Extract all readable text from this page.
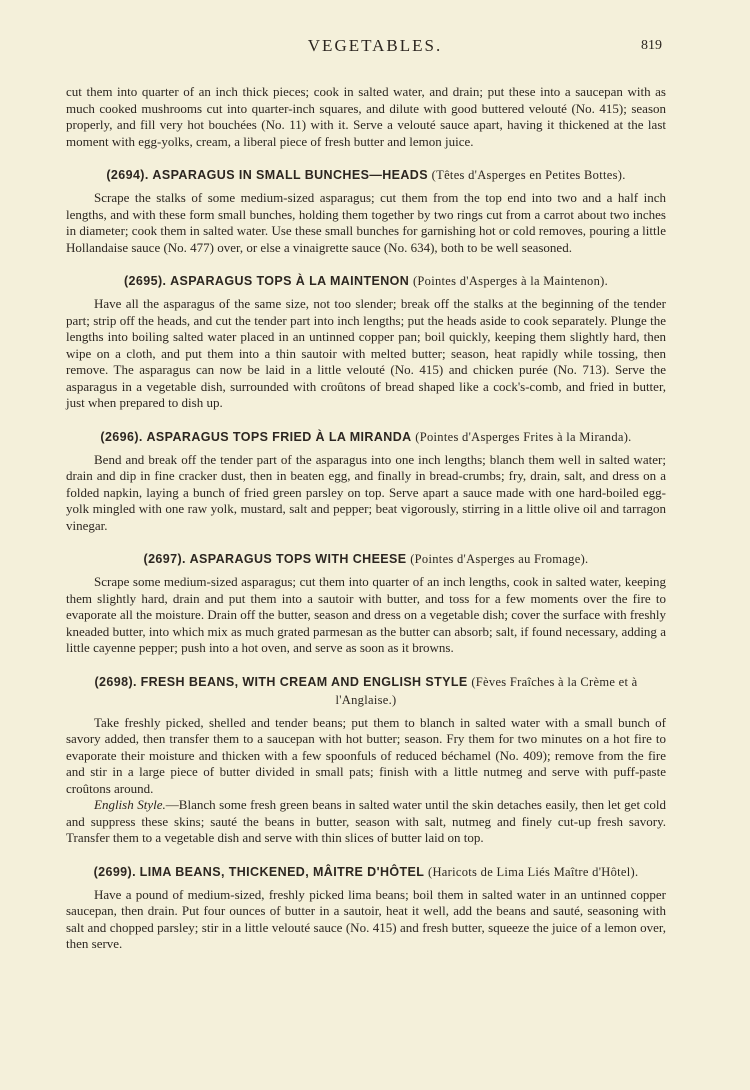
VEGETABLES.	819

cut them into quarter of an inch thick pieces; cook in salted water, and drain; put these into a saucepan with as much cooked mushrooms cut into quarter-inch squares, and dilute with good buttered velouté (No. 415); season properly, and fill very hot bouchées (No. 11) with it. Serve a velouté sauce apart, having it thickened at the last moment with egg-yolks, cream, a liberal piece of fresh butter and lemon juice.

(2694). ASPARAGUS IN SMALL BUNCHES—HEADS (Têtes d'Asperges en Petites Bottes).

Scrape the stalks of some medium-sized asparagus; cut them from the top end into two and a half inch lengths, and with these form small bunches, holding them together by two rings cut from a carrot about two inches in diameter; cook them in salted water. Use these small bunches for garnishing hot or cold removes, pouring a little Hollandaise sauce (No. 477) over, or else a vinaigrette sauce (No. 634), both to be well seasoned.

(2695). ASPARAGUS TOPS À LA MAINTENON (Pointes d'Asperges à la Maintenon).

Have all the asparagus of the same size, not too slender; break off the stalks at the beginning of the tender part; strip off the heads, and cut the tender part into inch lengths; put the heads aside to cook separately. Plunge the lengths into boiling salted water placed in an untinned copper pan; boil quickly, keeping them slightly hard, then wipe on a cloth, and put them into a thin sautoir with melted butter; season, heat rapidly while tossing, then remove. The asparagus can now be laid in a little velouté (No. 415) and chicken purée (No. 713). Serve the asparagus in a vegetable dish, surrounded with croûtons of bread shaped like a cock's-comb, and fried in butter, just when prepared to dish up.

(2696). ASPARAGUS TOPS FRIED À LA MIRANDA (Pointes d'Asperges Frites à la Miranda).

Bend and break off the tender part of the asparagus into one inch lengths; blanch them well in salted water; drain and dip in fine cracker dust, then in beaten egg, and finally in bread-crumbs; fry, drain, salt, and dress on a folded napkin, laying a bunch of fried green parsley on top. Serve apart a sauce made with one hard-boiled egg-yolk mingled with one raw yolk, mustard, salt and pepper; beat vigorously, stirring in a little olive oil and tarragon vinegar.

(2697). ASPARAGUS TOPS WITH CHEESE (Pointes d'Asperges au Fromage).

Scrape some medium-sized asparagus; cut them into quarter of an inch lengths, cook in salted water, keeping them slightly hard, drain and put them into a sautoir with butter, and toss for a few moments over the fire to evaporate all the moisture. Drain off the butter, season and dress on a vegetable dish; cover the surface with freshly kneaded butter, into which mix as much grated parmesan as the butter can absorb; salt, if found necessary, adding a little cayenne pepper; push into a hot oven, and serve as soon as it browns.

(2698). FRESH BEANS, WITH CREAM AND ENGLISH STYLE (Fèves Fraîches à la Crème et à l'Anglaise.)

Take freshly picked, shelled and tender beans; put them to blanch in salted water with a small bunch of savory added, then transfer them to a saucepan with hot butter; season. Fry them for two minutes on a hot fire to evaporate their moisture and thicken with a few spoonfuls of reduced béchamel (No. 409); remove from the fire and stir in a large piece of butter divided in small pats; finish with a little nutmeg and serve with puff-paste croûtons around.

English Style.—Blanch some fresh green beans in salted water until the skin detaches easily, then let get cold and suppress these skins; sauté the beans in butter, season with salt, nutmeg and finely cut-up fresh savory. Transfer them to a vegetable dish and serve with thin slices of butter laid on top.

(2699). LIMA BEANS, THICKENED, MÂITRE D'HÔTEL (Haricots de Lima Liés Maître d'Hôtel).

Have a pound of medium-sized, freshly picked lima beans; boil them in salted water in an untinned copper saucepan, then drain. Put four ounces of butter in a sautoir, heat it well, add the beans and sauté, seasoning with salt and chopped parsley; stir in a little velouté sauce (No. 415) and fresh butter, squeeze the juice of a lemon over, then serve.
